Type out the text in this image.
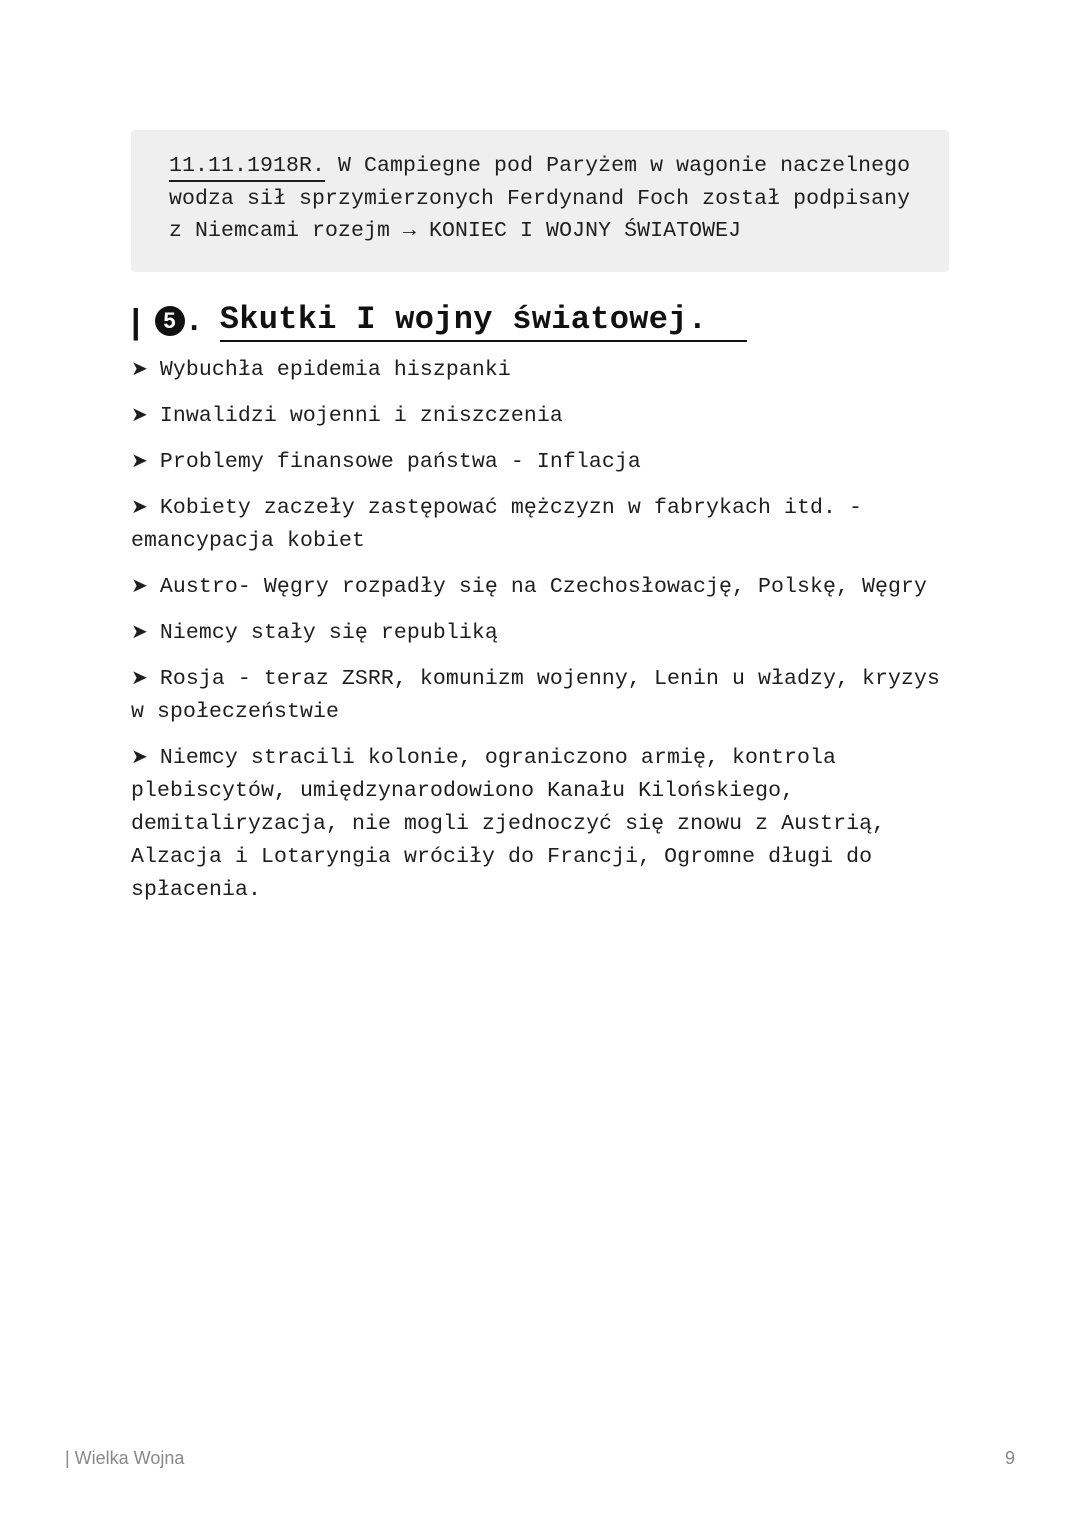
11.11.1918R. W Campiegne pod Paryżem w wagonie naczelnego

wodza sił sprzymierzonych Ferdynand Foch został podpisany

z Niemcami rozejm → KONIEC I WOJNY ŚWIATOWEJ

|	5 . Skutki I wojny światowej.
➤ Wybuchła epidemia hiszpanki
➤ Inwalidzi wojenni i zniszczenia
➤ Problemy finansowe państwa - Inflacja
➤ Kobiety zaczeły zastępować mężczyzn w fabrykach itd. - emancypacja kobiet
➤ Austro- Węgry rozpadły się na Czechosłowację, Polskę, Węgry
➤ Niemcy stały się republiką
➤ Rosja - teraz ZSRR, komunizm wojenny, Lenin u władzy, kryzys w społeczeństwie
➤ Niemcy stracili kolonie, ograniczono armię, kontrola plebiscytów, umiędzynarodowiono Kanału Kilońskiego, demitaliryzacja, nie mogli zjednoczyć się znowu z Austrią, Alzacja i Lotaryngia wróciły do Francji, Ogromne długi do spłacenia.
| Wielka Wojna	9
